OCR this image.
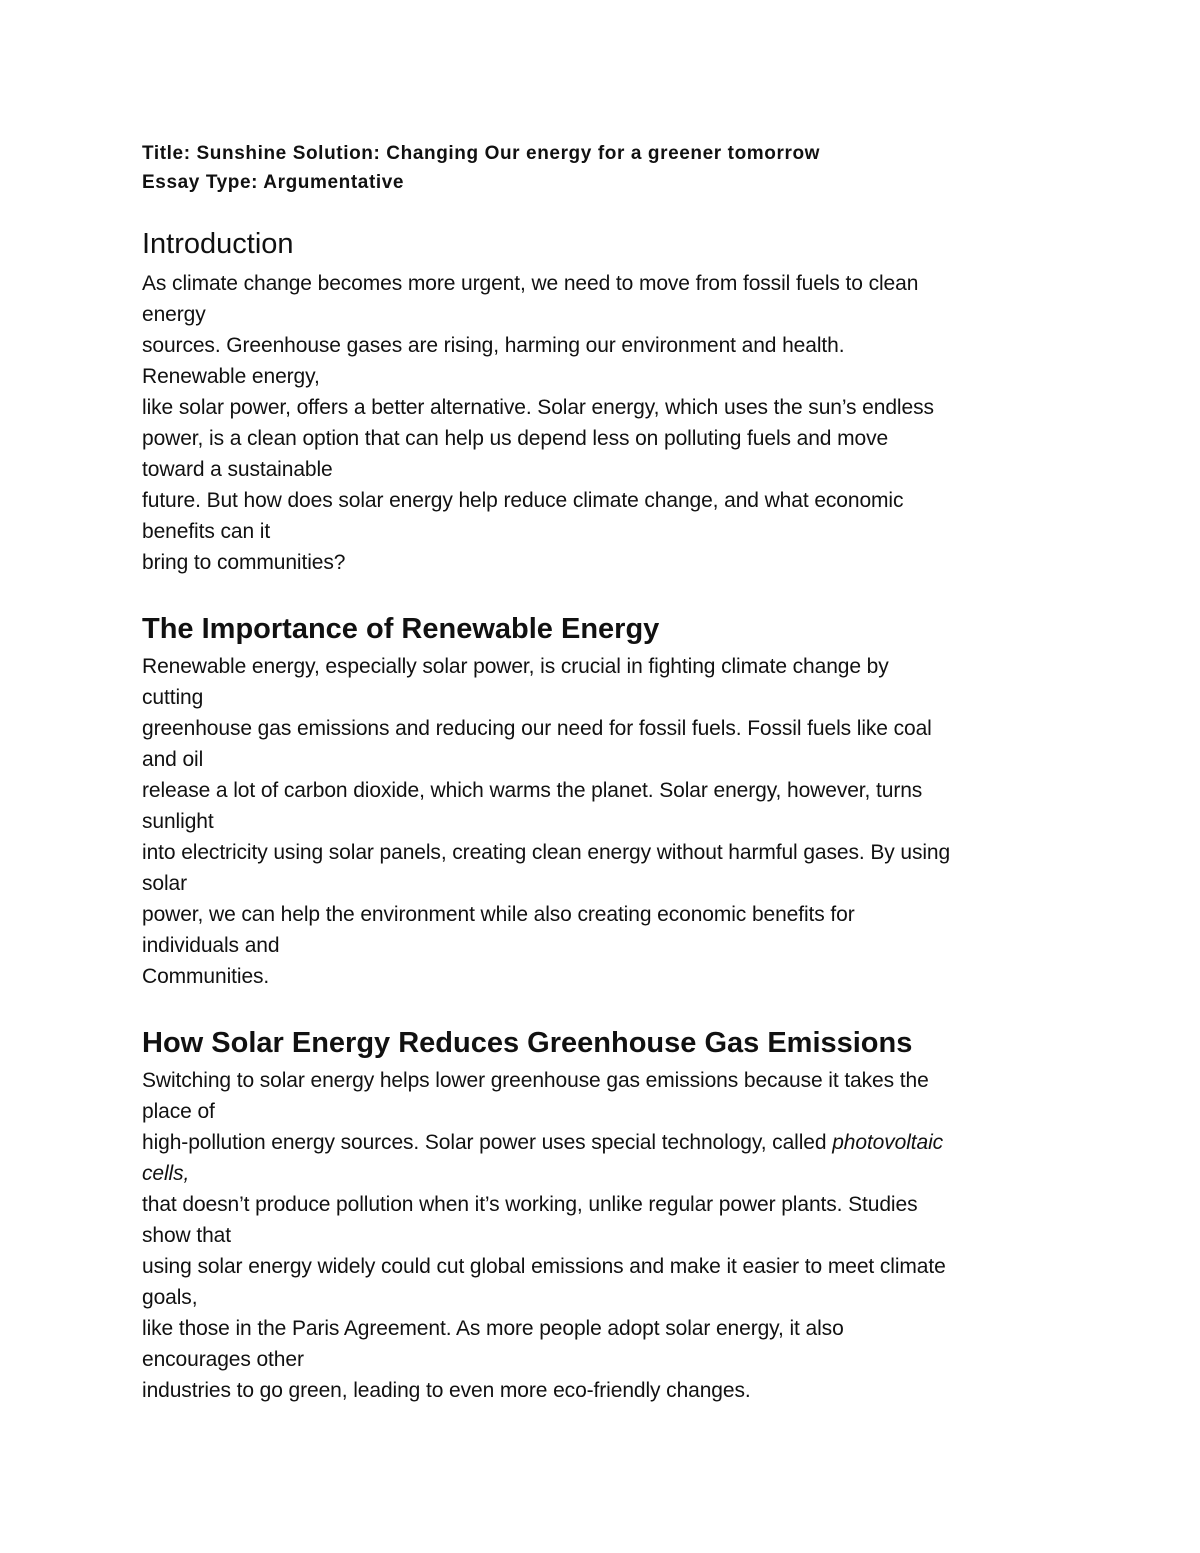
Title: Sunshine Solution: Changing Our energy for a greener tomorrow
Essay Type: Argumentative
Introduction
As climate change becomes more urgent, we need to move from fossil fuels to clean
energy
sources. Greenhouse gases are rising, harming our environment and health.
Renewable energy,
like solar power, offers a better alternative. Solar energy, which uses the sun’s endless
power, is a clean option that can help us depend less on polluting fuels and move
toward a sustainable
future. But how does solar energy help reduce climate change, and what economic
benefits can it
bring to communities?
The Importance of Renewable Energy
Renewable energy, especially solar power, is crucial in fighting climate change by
cutting
greenhouse gas emissions and reducing our need for fossil fuels. Fossil fuels like coal
and oil
release a lot of carbon dioxide, which warms the planet. Solar energy, however, turns
sunlight
into electricity using solar panels, creating clean energy without harmful gases. By using
solar
power, we can help the environment while also creating economic benefits for
individuals and
Communities.
How Solar Energy Reduces Greenhouse Gas Emissions
Switching to solar energy helps lower greenhouse gas emissions because it takes the
place of
high-pollution energy sources. Solar power uses special technology, called photovoltaic
cells,
that doesn’t produce pollution when it’s working, unlike regular power plants. Studies
show that
using solar energy widely could cut global emissions and make it easier to meet climate
goals,
like those in the Paris Agreement. As more people adopt solar energy, it also
encourages other
industries to go green, leading to even more eco-friendly changes.
